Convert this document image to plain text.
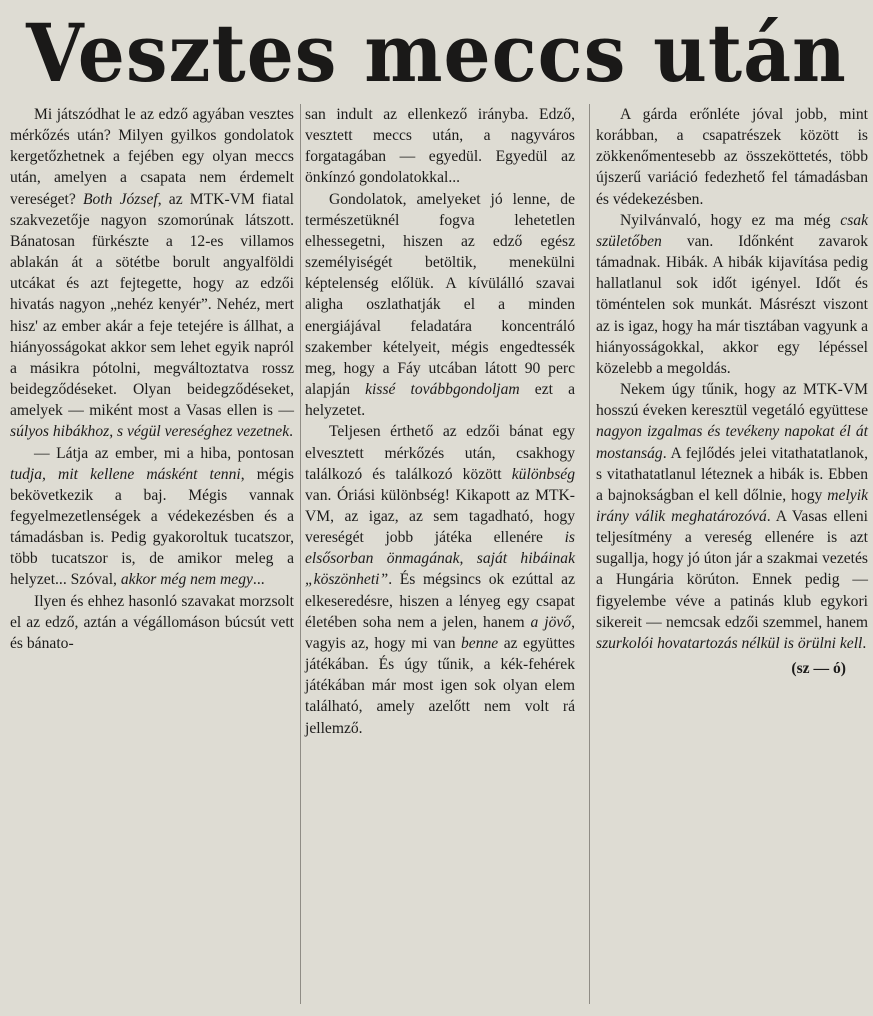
Vesztes meccs után

Mi játszódhat le az edző agyában vesztes mérkőzés után? Milyen gyilkos gondolatok kergetőzhetnek a fejében egy olyan meccs után, amelyen a csapata nem érdemelt vereséget? Both József, az MTK-VM fiatal szakvezetője nagyon szomorúnak látszott. Bánatosan fürkészte a 12-es villamos ablakán át a sötétbe borult angyalföldi utcákat és azt fejtegette, hogy az edzői hivatás nagyon „nehéz kenyér”. Nehéz, mert hisz' az ember akár a feje tetejére is állhat, a hiányosságokat akkor sem lehet egyik napról a másikra pótolni, megváltoztatva rossz beidegződéseket. Olyan beidegződéseket, amelyek — miként most a Vasas ellen is — súlyos hibákhoz, s végül vereséghez vezetnek.

— Látja az ember, mi a hiba, pontosan tudja, mit kellene másként tenni, mégis bekövetkezik a baj. Mégis vannak fegyelmezetlenségek a védekezésben és a támadásban is. Pedig gyakoroltuk tucatszor, több tucatszor is, de amikor meleg a helyzet... Szóval, akkor még nem megy...

Ilyen és ehhez hasonló szavakat morzsolt el az edző, aztán a végállomáson búcsút vett és bánato-

san indult az ellenkező irányba. Edző, vesztett meccs után, a nagyváros forgatagában — egyedül. Egyedül az önkínzó gondolatokkal...

Gondolatok, amelyeket jó lenne, de természetüknél fogva lehetetlen elhessegetni, hiszen az edző egész személyiségét betöltik, menekülni képtelenség előlük. A kívülálló szavai aligha oszlathatják el a minden energiájával feladatára koncentráló szakember kételyeit, mégis engedtessék meg, hogy a Fáy utcában látott 90 perc alapján kissé továbbgondoljam ezt a helyzetet.

Teljesen érthető az edzői bánat egy elvesztett mérkőzés után, csakhogy találkozó és találkozó között különbség van. Óriási különbség! Kikapott az MTK-VM, az igaz, az sem tagadható, hogy vereségét jobb játéka ellenére is elsősorban önmagának, saját hibáinak „köszönheti”. És mégsincs ok ezúttal az elkeseredésre, hiszen a lényeg egy csapat életében soha nem a jelen, hanem a jövő, vagyis az, hogy mi van benne az együttes játékában. És úgy tűnik, a kék-fehérek játékában már most igen sok olyan elem található, amely azelőtt nem volt rá jellemző.

A gárda erőnléte jóval jobb, mint korábban, a csapatrészek között is zökkenőmentesebb az összeköttetés, több újszerű variáció fedezhető fel támadásban és védekezésben.

Nyilvánvaló, hogy ez ma még csak születőben van. Időnként zavarok támadnak. Hibák. A hibák kijavítása pedig hallatlanul sok időt igényel. Időt és töméntelen sok munkát. Másrészt viszont az is igaz, hogy ha már tisztában vagyunk a hiányosságokkal, akkor egy lépéssel közelebb a megoldás.

Nekem úgy tűnik, hogy az MTK-VM hosszú éveken keresztül vegetáló együttese nagyon izgalmas és tevékeny napokat él át mostanság. A fejlődés jelei vitathatatlanok, s vitathatatlanul léteznek a hibák is. Ebben a bajnokságban el kell dőlnie, hogy melyik irány válik meghatározóvá. A Vasas elleni teljesítmény a vereség ellenére is azt sugallja, hogy jó úton jár a szakmai vezetés a Hungária körúton. Ennek pedig — figyelembe véve a patinás klub egykori sikereit — nemcsak edzői szemmel, hanem szurkolói hovatartozás nélkül is örülni kell.

(sz — ó)
